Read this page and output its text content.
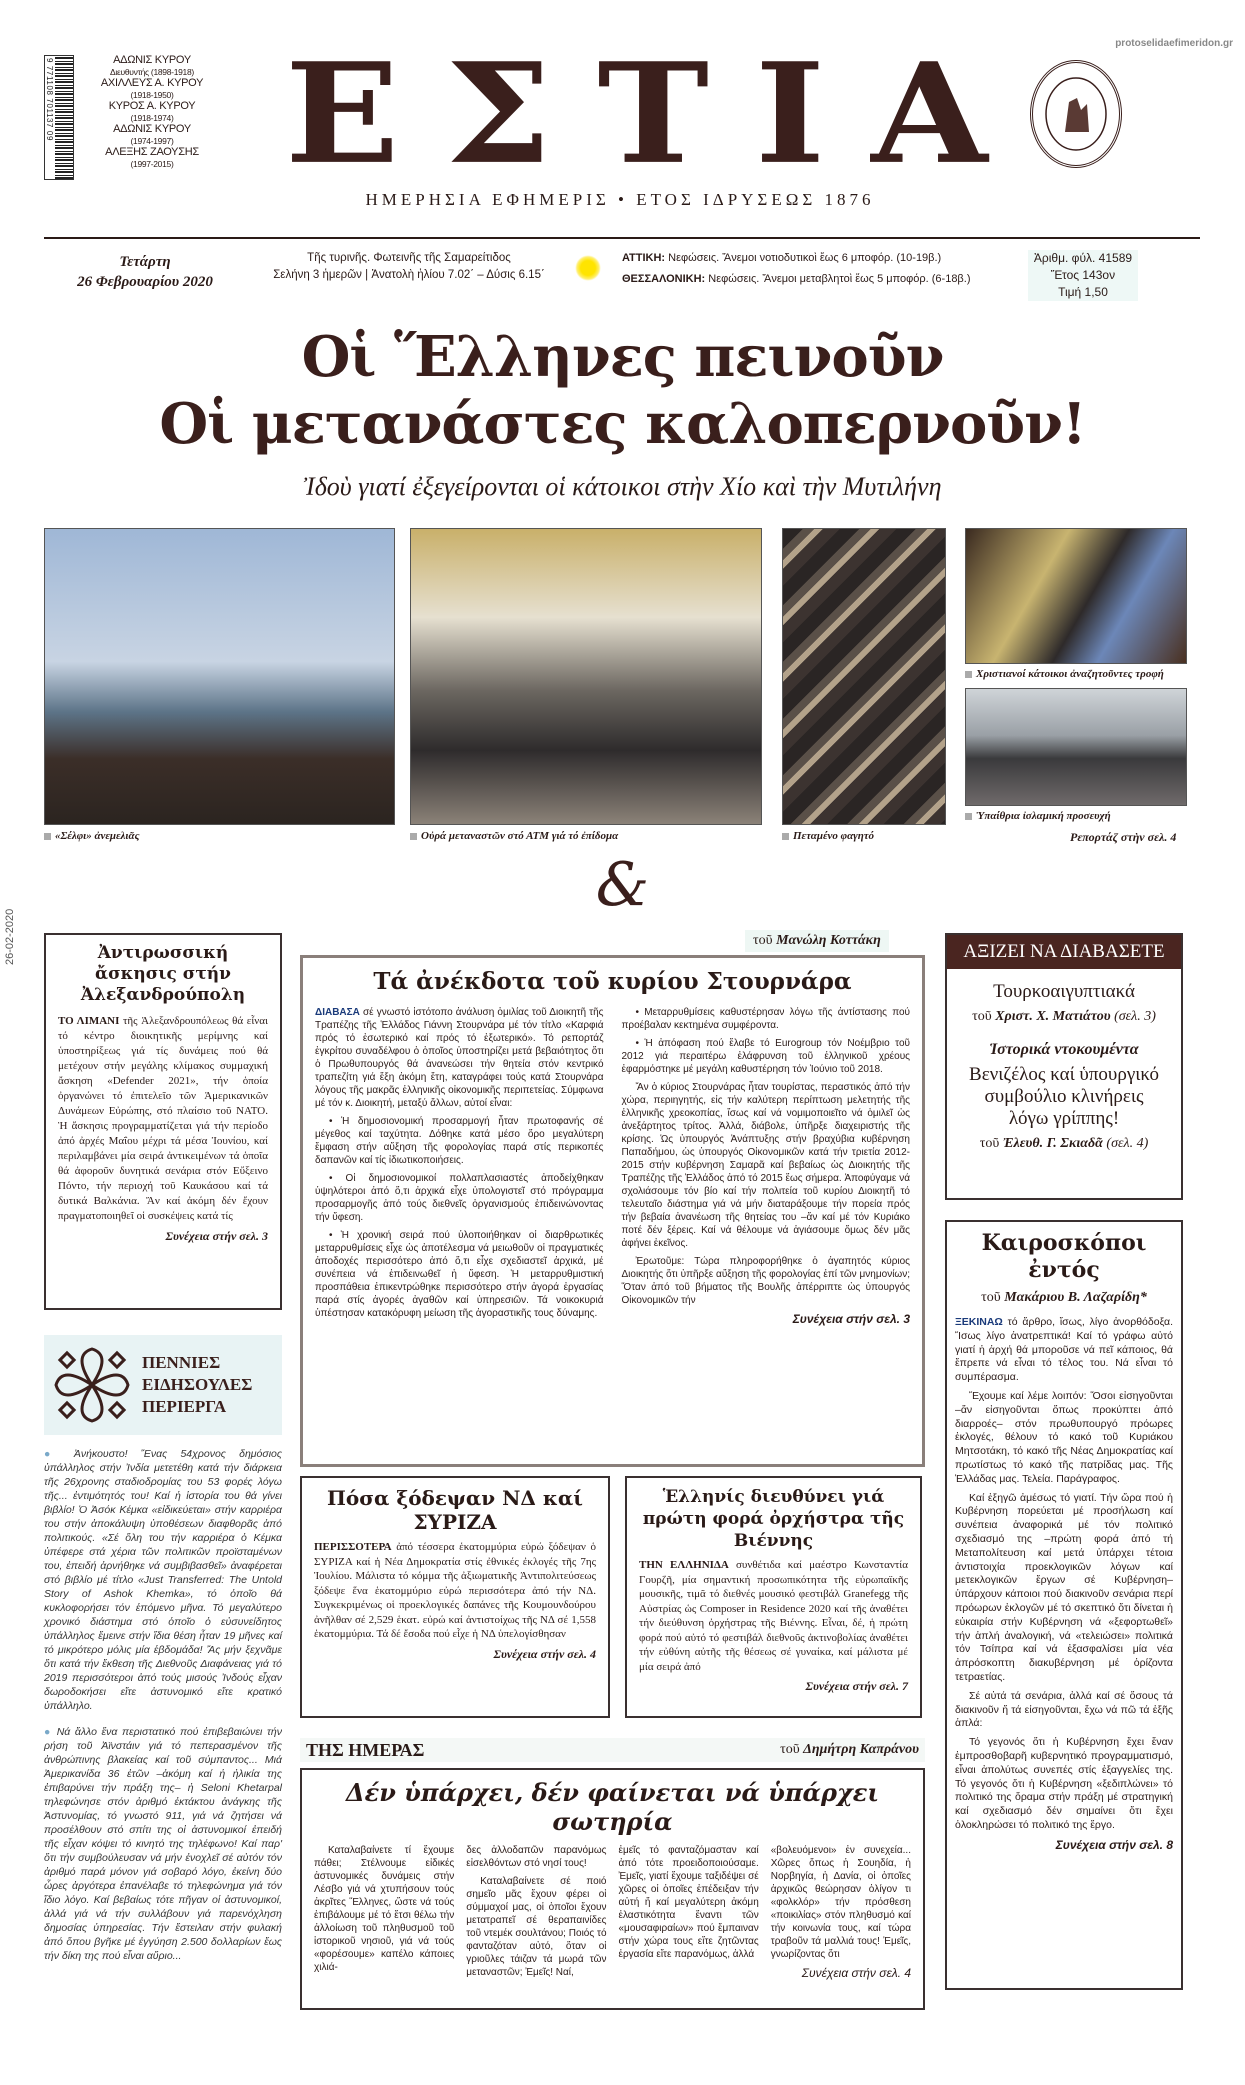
protoselidaefimeridon.gr
9 771108 701137 09	ΑΔΩΝΙΣ ΚΥΡΟΥ
Διευθυντής (1898-1918)
ΑΧΙΛΛΕΥΣ Α. ΚΥΡΟΥ
(1918-1950)
ΚΥΡΟΣ Α. ΚΥΡΟΥ
(1918-1974)
ΑΔΩΝΙΣ ΚΥΡΟΥ
(1974-1997)
ΑΛΕΞΗΣ ΖΑΟΥΣΗΣ
(1997-2015) ΕΣΤΙΑ
ΗΜΕΡΗΣΙΑ ΕΦΗΜΕΡΙΣ • ΕΤΟΣ ΙΔΡΥΣΕΩΣ 1876
Τετάρτη
26 Φεβρουαρίου 2020
Τῆς τυρινῆς. Φωτεινῆς τῆς Σαμαρείτιδος
Σελήνη 3 ἡμερῶν | Ἀνατολὴ ἡλίου 7.02΄ – Δύσις 6.15΄
ΑΤΤΙΚΗ: Νεφώσεις. Ἄνεμοι νοτιοδυτικοὶ ἕως 6 μποφόρ. (10-19β.)
ΘΕΣΣΑΛΟΝΙΚΗ: Νεφώσεις. Ἄνεμοι μεταβλητοὶ ἕως 5 μποφόρ. (6-18β.)
Ἀριθμ. φύλ. 41589
Ἔτος 143ον
Τιμή 1,50
26-02-2020
Οἱ Ἕλληνες πεινοῦν
Οἱ μετανάστες καλοπερνοῦν!
Ἰδοὺ γιατί ἐξεγείρονται οἱ κάτοικοι στὴν Χίο καὶ τὴν Μυτιλήνη
«Σέλφι» ἀνεμελιᾶς	Οὐρά μεταναστῶν στό ΑΤΜ γιά τό ἐπίδομα	Πεταμένο φαγητό
Χριστιανοί κάτοικοι ἀναζητοῦντες τροφή
Ὑπαίθρια ἰσλαμική προσευχή
Ρεπορτάζ στὴν σελ. 4
&
Ἀντιρωσσική ἄσκησις στήν Ἀλεξανδρούπολη
ΤΟ ΛΙΜΑΝΙ τῆς Ἀλεξανδρουπόλεως θά εἶναι τό κέντρο διοικητικῆς μερίμνης καί ὑποστηρίξεως γιά τίς δυνάμεις πού θά μετέχουν στήν μεγάλης κλίμακος συμμαχική ἄσκηση «Defender 2021», τήν ὁποία ὀργανώνει τό ἐπιτελεῖο τῶν Ἀμερικανικῶν Δυνάμεων Εὐρώπης, στό πλαίσιο τοῦ ΝΑΤΟ. Ἡ ἄσκησις προγραμματίζεται γιά τήν περίοδο ἀπό ἀρχές Μαΐου μέχρι τά μέσα Ἰουνίου, καί περιλαμβάνει μία σειρά ἀντικειμένων τά ὁποῖα θά ἀφοροῦν δυνητικά σενάρια στόν Εὔξεινο Πόντο, τήν περιοχή τοῦ Καυκάσου καί τά δυτικά Βαλκάνια. Ἄν καί ἀκόμη δέν ἔχουν πραγματοποιηθεῖ οἱ συσκέψεις κατά τίς
Συνέχεια στήν σελ. 3
τοῦ Μανώλη Κοττάκη
Τά ἀνέκδοτα τοῦ κυρίου Στουρνάρα

ΔΙΑΒΑΣΑ σέ γνωστό ἱστότοπο ἀνάλυση ὁμιλίας τοῦ Διοικητῆ τῆς Τραπέζης τῆς Ἑλλάδος Γιάννη Στουρνάρα μέ τόν τίτλο «Καρφιά πρός τό ἐσωτερικό καί πρός τό ἐξωτερικό». Τό ρεπορτάζ ἐγκρίτου συναδέλφου ὁ ὁποῖος ὑποστηρίζει μετά βεβαιότητος ὅτι ὁ Πρωθυπουργός θά ἀνανεώσει τήν θητεία στόν κεντρικό τραπεζίτη γιά ἕξη ἀκόμη ἔτη, καταγράφει τούς κατά Στουρνάρα λόγους τῆς μακρᾶς ἑλληνικῆς οἰκονομικῆς περιπετείας. Σύμφωνα μέ τόν κ. Διοικητή, μεταξύ ἄλλων, αὐτοί εἶναι:

• Ἡ δημοσιονομική προσαρμογή ἦταν πρωτοφανής σέ μέγεθος καί ταχύτητα. Δόθηκε κατά μέσο ὅρο μεγαλύτερη ἔμφαση στήν αὔξηση τῆς φορολογίας παρά στίς περικοπές δαπανῶν καί τίς ἰδιωτικοποιήσεις.

• Οἱ δημοσιονομικοί πολλαπλασιαστές ἀποδείχθηκαν ὑψηλότεροι ἀπό ὅ,τι ἀρχικά εἶχε ὑπολογιστεῖ στό πρόγραμμα προσαρμογῆς ἀπό τούς διεθνεῖς ὀργανισμούς ἐπιδεινώνοντας τήν ὕφεση.

• Ἡ χρονική σειρά πού ὑλοποιήθηκαν οἱ διαρθρωτικές μεταρρυθμίσεις εἶχε ὡς ἀποτέλεσμα νά μειωθοῦν οἱ πραγματικές ἀποδοχές περισσότερο ἀπό ὅ,τι εἶχε σχεδιαστεῖ ἀρχικά, μέ συνέπεια νά ἐπιδεινωθεῖ ἡ ὕφεση. Ἡ μεταρρυθμιστική προσπάθεια ἐπικεντρώθηκε περισσότερο στήν ἀγορά ἐργασίας παρά στίς ἀγορές ἀγαθῶν καί ὑπηρεσιῶν. Τά νοικοκυριά ὑπέστησαν κατακόρυφη μείωση τῆς ἀγοραστικῆς τους δύναμης.

• Μεταρρυθμίσεις καθυστέρησαν λόγω τῆς ἀντίστασης πού προέβαλαν κεκτημένα συμφέροντα.

• Ἡ ἀπόφαση πού ἔλαβε τό Eurogroup τόν Νοέμβριο τοῦ 2012 γιά περαιτέρω ἐλάφρυνση τοῦ ἑλληνικοῦ χρέους ἐφαρμόστηκε μέ μεγάλη καθυστέρηση τόν Ἰούνιο τοῦ 2018.

Ἄν ὁ κύριος Στουρνάρας ἦταν τουρίστας, περαστικός ἀπό τήν χώρα, περιηγητής, εἰς τήν καλύτερη περίπτωση μελετητής τῆς ἑλληνικῆς χρεοκοπίας, ἴσως καί νά νομιμοποιεῖτο νά ὁμιλεῖ ὡς ἀνεξάρτητος τρίτος. Ἀλλά, διάβολε, ὑπῆρξε διαχειριστής τῆς κρίσης. Ὡς ὑπουργός Ἀνάπτυξης στήν βραχύβια κυβέρνηση Παπαδήμου, ὡς ὑπουργός Οἰκονομικῶν κατά τήν τριετία 2012-2015 στήν κυβέρνηση Σαμαρᾶ καί βεβαίως ὡς Διοικητής τῆς Τραπέζης τῆς Ἑλλάδος ἀπό τό 2015 ἕως σήμερα. Ἀποφύγαμε νά σχολιάσουμε τόν βίο καί τήν πολιτεία τοῦ κυρίου Διοικητῆ τό τελευταῖο διάστημα γιά νά μήν διαταράξουμε τήν πορεία πρός τήν βεβαία ἀνανέωση τῆς θητείας του –ἄν καί μέ τόν Κυριάκο ποτέ δέν ξέρεις. Καί νά θέλουμε νά ἁγιάσουμε ὅμως δέν μᾶς ἀφήνει ἐκεῖνος.

Ἐρωτοῦμε: Τώρα πληροφορήθηκε ὁ ἀγαπητός κύριος Διοικητής ὅτι ὑπῆρξε αὔξηση τῆς φορολογίας ἐπί τῶν μνημονίων; Ὅταν ἀπό τοῦ βήματος τῆς Βουλῆς ἀπέρριπτε ὡς ὑπουργός Οἰκονομικῶν τήν

Συνέχεια στήν σελ. 3
ΑΞΙΖΕΙ ΝΑ ΔΙΑΒΑΣΕΤΕ
Τουρκοαιγυπτιακά
τοῦ Χριστ. Χ. Ματιάτου (σελ. 3)
Ἱστορικά ντοκουμέντα
Βενιζέλος καί ὑπουργικό συμβούλιο κλινήρεις λόγω γρίππης!
τοῦ Ἐλευθ. Γ. Σκιαδᾶ (σελ. 4)
Καιροσκόποι ἐντός
τοῦ Μακάριου Β. Λαζαρίδη*

ΞΕΚΙΝΑΩ τό ἄρθρο, ἴσως, λίγο ἀνορθόδοξα. Ἴσως λίγο ἀνατρεπτικά! Καί τό γράφω αὐτό γιατί ἡ ἀρχή θά μποροῦσε νά πεῖ κάποιος, θά ἔπρεπε νά εἶναι τό τέλος του. Νά εἶναι τό συμπέρασμα.

Ἔχουμε καί λέμε λοιπόν: Ὅσοι εἰσηγοῦνται –ἄν εἰσηγοῦνται ὅπως προκύπτει ἀπό διαρροές– στόν πρωθυπουργό πρόωρες ἐκλογές, θέλουν τό κακό τοῦ Κυριάκου Μητσοτάκη, τό κακό τῆς Νέας Δημοκρατίας καί πρωτίστως τό κακό τῆς πατρίδας μας. Τῆς Ἑλλάδας μας. Τελεία. Παράγραφος.

Καί ἐξηγῶ ἀμέσως τό γιατί. Τήν ὥρα πού ἡ Κυβέρνηση πορεύεται μέ προσήλωση καί συνέπεια ἀναφορικά μέ τόν πολιτικό σχεδιασμό της –πρώτη φορά ἀπό τή Μεταπολίτευση καί μετά ὑπάρχει τέτοια ἀντιστοιχία προεκλογικῶν λόγων καί μετεκλογικῶν ἔργων σέ Κυβέρνηση– ὑπάρχουν κάποιοι πού διακινοῦν σενάρια περί πρόωρων ἐκλογῶν μέ τό σκεπτικό ὅτι δίνεται ἡ εὐκαιρία στήν Κυβέρνηση νά «ξεφορτωθεῖ» τήν ἁπλή ἀναλογική, νά «τελειώσει» πολιτικά τόν Τσίπρα καί νά ἐξασφαλίσει μία νέα ἀπρόσκοπτη διακυβέρνηση μέ ὁρίζοντα τετραετίας.

Σέ αὐτά τά σενάρια, ἀλλά καί σέ ὅσους τά διακινοῦν ἤ τά εἰσηγοῦνται, ἔχω νά πῶ τά ἑξῆς ἁπλά:

Τό γεγονός ὅτι ἡ Κυβέρνηση ἔχει ἕναν ἐμπροσθοβαρῆ κυβερνητικό προγραμματισμό, εἶναι ἀπολύτως συνεπές στίς ἐξαγγελίες της. Τό γεγονός ὅτι ἡ Κυβέρνηση «ξεδιπλώνει» τό πολιτικό της ὅραμα στήν πράξη μέ στρατηγική καί σχεδιασμό δέν σημαίνει ὅτι ἔχει ὁλοκληρώσει τό πολιτικό της ἔργο.

Συνέχεια στήν σελ. 8
ΠΕΝΝΙΕΣ
ΕΙΔΗΣΟΥΛΕΣ
ΠΕΡΙΕΡΓΑ

● Ἀνήκουστο! Ἕνας 54χρονος δημόσιος ὑπάλληλος στήν Ἰνδία μετετέθη κατά τήν διάρκεια τῆς 26χρονης σταδιοδρομίας του 53 φορές λόγω τῆς... ἐντιμότητός του! Καί ἡ ἱστορία του θά γίνει βιβλίο! Ὁ Ἀσόκ Κέμκα «εἰδικεύεται» στήν καρριέρα του στήν ἀποκάλυψη ὑποθέσεων διαφθορᾶς ἀπό πολιτικούς. «Σέ ὅλη του τήν καρριέρα ὁ Κέμκα ὑπέφερε στά χέρια τῶν πολιτικῶν προϊσταμένων του, ἐπειδή ἀρνήθηκε νά συμβιβασθεῖ» ἀναφέρεται στό βιβλίο μέ τίτλο «Just Transferred: The Untold Story of Ashok Khemka», τό ὁποῖο θά κυκλοφορήσει τόν ἑπόμενο μῆνα. Τό μεγαλύτερο χρονικό διάστημα στό ὁποῖο ὁ εὐσυνείδητος ὑπάλληλος ἔμεινε στήν ἴδια θέση ἦταν 19 μῆνες καί τό μικρότερο μόλις μία ἑβδομάδα! Ἄς μήν ξεχνᾶμε ὅτι κατά τήν ἔκθεση τῆς Διεθνοῦς Διαφάνειας γιά τό 2019 περισσότεροι ἀπό τούς μισούς Ἰνδούς εἶχαν δωροδοκήσει εἴτε ἀστυνομικό εἴτε κρατικό ὑπάλληλο.

● Νά ἄλλο ἕνα περιστατικό πού ἐπιβεβαιώνει τήν ρήση τοῦ Ἀϊνστάιν γιά τό πεπερασμένον τῆς ἀνθρώπινης βλακείας καί τοῦ σύμπαντος... Μιά Ἀμερικανίδα 36 ἐτῶν –ἀκόμη καί ἡ ἡλικία της ἐπιβαρύνει τήν πράξη της– ἡ Seloni Khetarpal τηλεφώνησε στόν ἀριθμό ἐκτάκτου ἀνάγκης τῆς Ἀστυνομίας, τό γνωστό 911, γιά νά ζητήσει νά προσέλθουν στό σπίτι της οἱ ἀστυνομικοί ἐπειδή τῆς εἶχαν κόψει τό κινητό της τηλέφωνο! Καί παρ' ὅτι τήν συμβούλευσαν νά μήν ἐνοχλεῖ σέ αὐτόν τόν ἀριθμό παρά μόνον γιά σοβαρό λόγο, ἐκείνη δύο ὧρες ἀργότερα ἐπανέλαβε τό τηλεφώνημα γιά τόν ἴδιο λόγο. Καί βεβαίως τότε πῆγαν οἱ ἀστυνομικοί, ἀλλά γιά νά τήν συλλάβουν γιά παρενόχληση δημοσίας ὑπηρεσίας. Τήν ἔστειλαν στήν φυλακή ἀπό ὅπου βγῆκε μέ ἐγγύηση 2.500 δολλαρίων ἕως τήν δίκη της πού εἶναι αὔριο...

Πόσα ξόδεψαν ΝΔ καί ΣΥΡΙΖΑ
ΠΕΡΙΣΣΟΤΕΡΑ ἀπό τέσσερα ἑκατομμύρια εὐρώ ξόδεψαν ὁ ΣΥΡΙΖΑ καί ἡ Νέα Δημοκρατία στίς ἐθνικές ἐκλογές τῆς 7ης Ἰουλίου. Μάλιστα τό κόμμα τῆς ἀξιωματικῆς Ἀντιπολιτεύσεως ξόδεψε ἕνα ἑκατομμύριο εὐρώ περισσότερα ἀπό τήν ΝΔ. Συγκεκριμένως οἱ προεκλογικές δαπάνες τῆς Κουμουνδούρου ἀνῆλθαν σέ 2,529 ἑκατ. εὐρώ καί ἀντιστοίχως τῆς ΝΔ σέ 1,558 ἑκατομμύρια. Τά δέ ἔσοδα πού εἶχε ἡ ΝΔ ὑπελογίσθησαν
Συνέχεια στήν σελ. 4
Ἑλληνίς διευθύνει γιά πρώτη φορά ὀρχήστρα τῆς Βιέννης
ΤΗΝ ΕΛΛΗΝΙΔΑ συνθέτιδα καί μαέστρο Κωνσταντία Γουρζῆ, μία σημαντική προσωπικότητα τῆς εὐρωπαϊκῆς μουσικῆς, τιμᾶ τό διεθνές μουσικό φεστιβάλ Granefegg τῆς Αὐστρίας ὡς Composer in Residence 2020 καί τῆς ἀναθέτει τήν διεύθυνση ὀρχήστρας τῆς Βιέννης. Εἶναι, δέ, ἡ πρώτη φορά πού αὐτό τό φεστιβάλ διεθνοῦς ἀκτινοβολίας ἀναθέτει τήν εὐθύνη αὐτῆς τῆς θέσεως σέ γυναίκα, καί μάλιστα μέ μία σειρά ἀπό
Συνέχεια στήν σελ. 7
ΤΗΣ ΗΜΕΡΑΣ	τοῦ Δημήτρη Καπράνου
Δέν ὑπάρχει, δέν φαίνεται νά ὑπάρχει σωτηρία

Καταλαβαίνετε τί ἔχουμε πάθει; Στέλνουμε εἰδικές ἀστυνομικές δυνάμεις στήν Λέσβο γιά νά χτυπήσουν τούς ἀκρῖτες Ἕλληνες, ὥστε νά τούς ἐπιβάλουμε μέ τό ἔτσι θέλω τήν ἀλλοίωση τοῦ πληθυσμοῦ τοῦ ἱστορικοῦ νησιοῦ, γιά νά τούς «φορέσουμε» καπέλο κάποιες χιλιά-

δες ἀλλοδαπῶν παρανόμως εἰσελθόντων στό νησί τους!

Καταλαβαίνετε σέ ποιό σημεῖο μᾶς ἔχουν φέρει οἱ σύμμαχοί μας, οἱ ὁποῖοι ἔχουν μετατραπεῖ σέ θεραπαινίδες τοῦ ντεμέκ σουλτάνου; Ποιός τό φανταζόταν αὐτό, ὅταν οἱ γριοῦλες τάιζαν τά μωρά τῶν μεταναστῶν; Ἐμεῖς! Ναί,

ἐμεῖς τό φανταζόμασταν καί ἀπό τότε προειδοποιούσαμε. Ἐμεῖς, γιατί ἔχουμε ταξιδέψει σέ χῶρες οἱ ὁποῖες ἐπέδειξαν τήν αὐτή ἤ καί μεγαλύτερη ἀκόμη ἐλαστικότητα ἔναντι τῶν «μουσαφιραίων» πού ἔμπαιναν στήν χώρα τους εἴτε ζητῶντας ἐργασία εἴτε παρανόμως, ἀλλά

«βολευόμενοι» ἐν συνεχεία... Χῶρες ὅπως ἡ Σουηδία, ἡ Νορβηγία, ἡ Δανία, οἱ ὁποῖες ἀρχικῶς θεώρησαν ὀλίγον τι «φολκλόρ» τήν πρόσθεση «ποικιλίας» στόν πληθυσμό καί τήν κοινωνία τους, καί τώρα τραβοῦν τά μαλλιά τους! Ἐμεῖς, γνωρίζοντας ὅτι

Συνέχεια στήν σελ. 4
